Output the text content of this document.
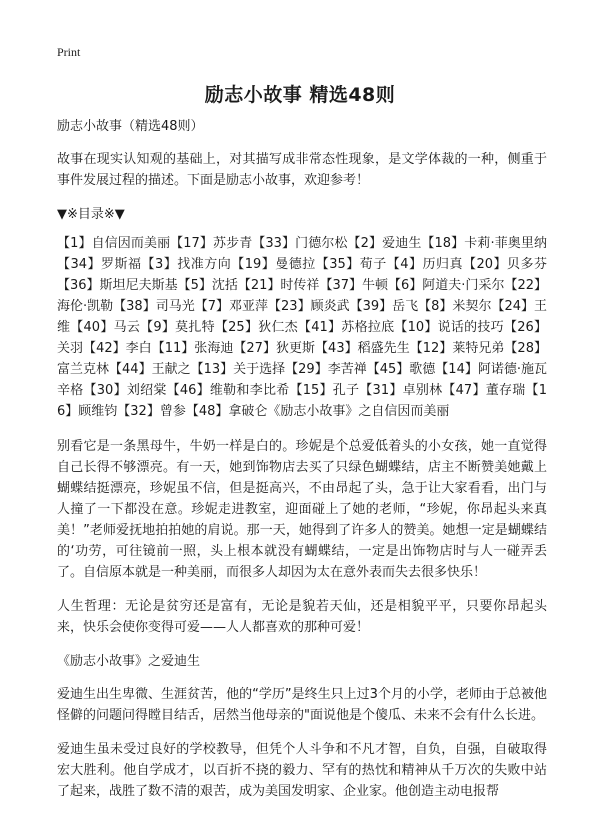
Print
励志小故事 精选48则

励志小故事（精选48则）

故事在现实认知观的基础上，对其描写成非常态性现象，是文学体裁的一种，侧重于事件发展过程的描述。下面是励志小故事，欢迎参考！

▼※目录※▼

【1】自信因而美丽【17】苏步青【33】门德尔松【2】爱迪生【18】卡莉·菲奥里纳【34】罗斯福【3】找准方向【19】曼德拉【35】荀子【4】历归真【20】贝多芬【36】斯坦尼夫斯基【5】沈括【21】时传祥【37】牛顿【6】阿道夫·门采尔【22】海伦·凯勒【38】司马光【7】邓亚萍【23】顾炎武【39】岳飞【8】米契尔【24】王维【40】马云【9】莫扎特【25】狄仁杰【41】苏格拉底【10】说话的技巧【26】关羽【42】李白【11】张海迪【27】狄更斯【43】稻盛先生【12】莱特兄弟【28】富兰克林【44】王献之【13】关于选择【29】李苦禅【45】歌德【14】阿诺德·施瓦辛格【30】刘绍棠【46】维勒和李比希【15】孔子【31】卓别林【47】董存瑞【16】顾维钧【32】曾参【48】拿破仑《励志小故事》之自信因而美丽

别看它是一条黑母牛，牛奶一样是白的。珍妮是个总爱低着头的小女孩，她一直觉得自己长得不够漂亮。有一天，她到饰物店去买了只绿色蝴蝶结，店主不断赞美她戴上蝴蝶结挺漂亮，珍妮虽不信，但是挺高兴，不由昂起了头，急于让大家看看，出门与人撞了一下都没在意。珍妮走进教室，迎面碰上了她的老师，“珍妮，你昂起头来真美！”老师爱抚地拍拍她的肩说。那一天，她得到了许多人的赞美。她想一定是蝴蝶结的‘功劳，可往镜前一照，头上根本就没有蝴蝶结，一定是出饰物店时与人一碰弄丢了。自信原本就是一种美丽，而很多人却因为太在意外表而失去很多快乐！

人生哲理：无论是贫穷还是富有，无论是貌若天仙，还是相貌平平，只要你昂起头来，快乐会使你变得可爱——人人都喜欢的那种可爱！

《励志小故事》之爱迪生

爱迪生出生卑微、生涯贫苦，他的“学历”是终生只上过3个月的小学，老师由于总被他怪僻的问题问得瞠目结舌，居然当他母亲的"面说他是个傻瓜、未来不会有什么长进。

爱迪生虽未受过良好的学校教导，但凭个人斗争和不凡才智，自负，自强，自破取得宏大胜利。他自学成才，以百折不挠的毅力、罕有的热忱和精神从千万次的失败中站了起来，战胜了数不清的艰苦，成为美国发明家、企业家。他创造主动电报帮
